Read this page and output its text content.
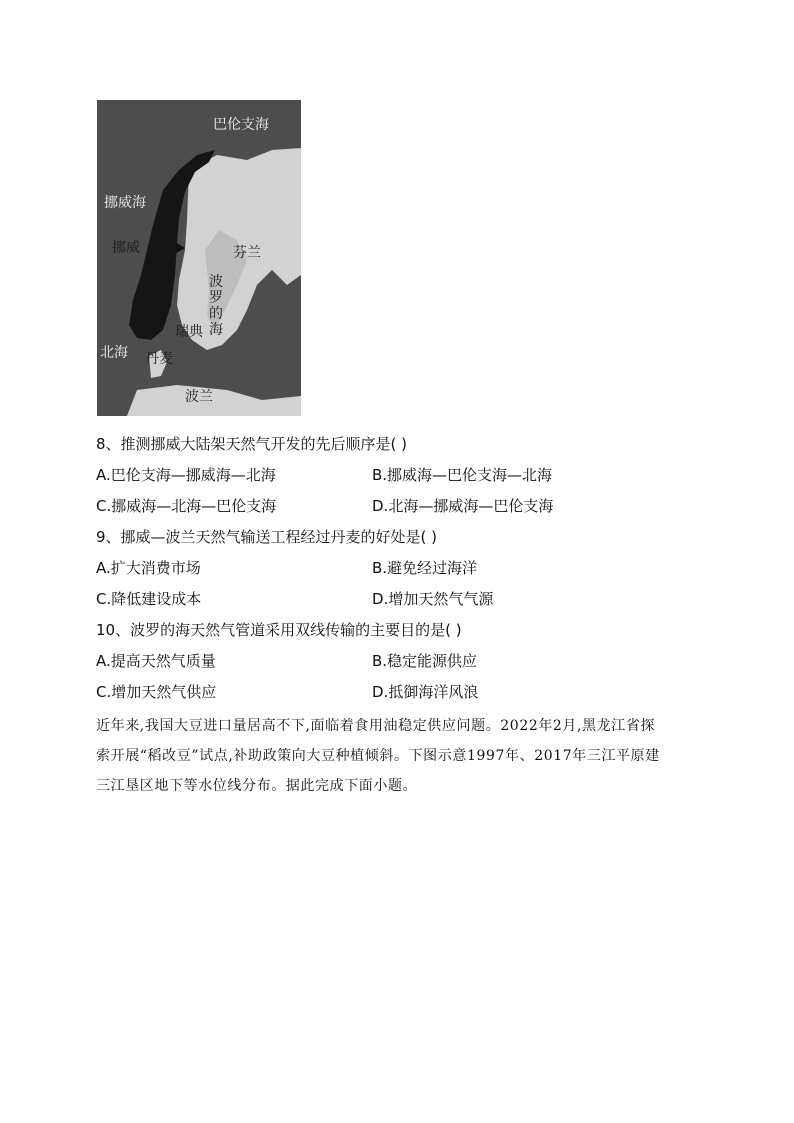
巴伦支海
挪威海
挪威	芬兰
波罗的海
瑞典
北海 丹麦
波兰
8、推测挪威大陆架天然气开发的先后顺序是( )
A.巴伦支海—挪威海—北海	B.挪威海—巴伦支海—北海
C.挪威海—北海—巴伦支海	D.北海—挪威海—巴伦支海
9、挪威—波兰天然气输送工程经过丹麦的好处是( )
A.扩大消费市场	B.避免经过海洋
C.降低建设成本	D.增加天然气气源
10、波罗的海天然气管道采用双线传输的主要目的是( )
A.提高天然气质量	B.稳定能源供应
C.增加天然气供应	D.抵御海洋风浪
近年来,我国大豆进口量居高不下,面临着食用油稳定供应问题。2022年2月,黑龙江省探
索开展“稻改豆”试点,补助政策向大豆种植倾斜。下图示意1997年、2017年三江平原建
三江垦区地下等水位线分布。据此完成下面小题。
